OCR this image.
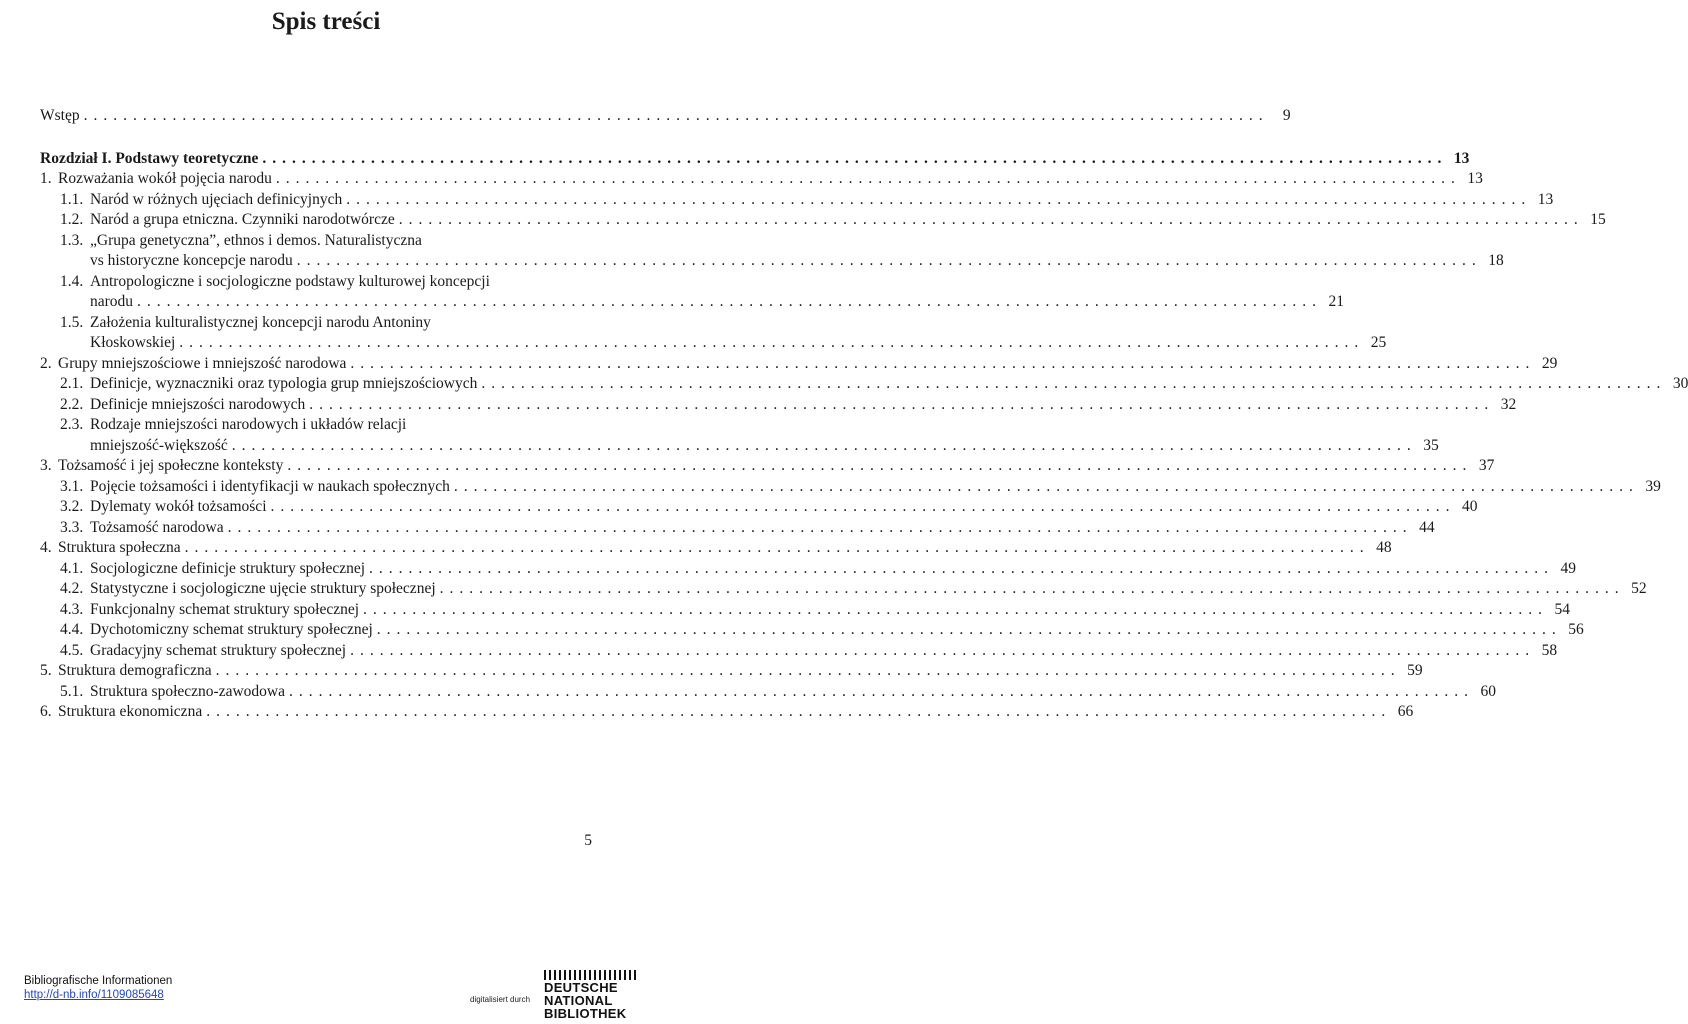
Spis treści
Wstęp ........................................................................................................................ 9
Rozdział I. Podstawy teoretyczne ........................................................................................................................ 13
1. Rozważania wokół pojęcia narodu ........................................................................................................................ 13
1.1. Naród w różnych ujęciach definicyjnych ........................................................................................................................ 13
1.2. Naród a grupa etniczna. Czynniki narodotwórcze ........................................................................................................................ 15
1.3. „Grupa genetyczna”, ethnos i demos. Naturalistyczna
vs historyczne koncepcje narodu ........................................................................................................................ 18
1.4. Antropologiczne i socjologiczne podstawy kulturowej koncepcji
narodu ........................................................................................................................ 21
1.5. Założenia kulturalistycznej koncepcji narodu Antoniny
Kłoskowskiej ........................................................................................................................ 25
2. Grupy mniejszościowe i mniejszość narodowa ........................................................................................................................ 29
2.1. Definicje, wyznaczniki oraz typologia grup mniejszościowych ........................................................................................................................ 30
2.2. Definicje mniejszości narodowych ........................................................................................................................ 32
2.3. Rodzaje mniejszości narodowych i układów relacji
mniejszość-większość ........................................................................................................................ 35
3. Tożsamość i jej społeczne konteksty ........................................................................................................................ 37
3.1. Pojęcie tożsamości i identyfikacji w naukach społecznych ........................................................................................................................ 39
3.2. Dylematy wokół tożsamości ........................................................................................................................ 40
3.3. Tożsamość narodowa ........................................................................................................................ 44
4. Struktura społeczna ........................................................................................................................ 48
4.1. Socjologiczne definicje struktury społecznej ........................................................................................................................ 49
4.2. Statystyczne i socjologiczne ujęcie struktury społecznej ........................................................................................................................ 52
4.3. Funkcjonalny schemat struktury społecznej ........................................................................................................................ 54
4.4. Dychotomiczny schemat struktury społecznej ........................................................................................................................ 56
4.5. Gradacyjny schemat struktury społecznej ........................................................................................................................ 58
5. Struktura demograficzna ........................................................................................................................ 59
5.1. Struktura społeczno-zawodowa ........................................................................................................................ 60
6. Struktura ekonomiczna ........................................................................................................................ 66
5
Bibliografische Informationen
http://d-nb.info/1109085648	digitalisiert durch
DEUTSCHE
NATIONAL
BIBLIOTHEK
